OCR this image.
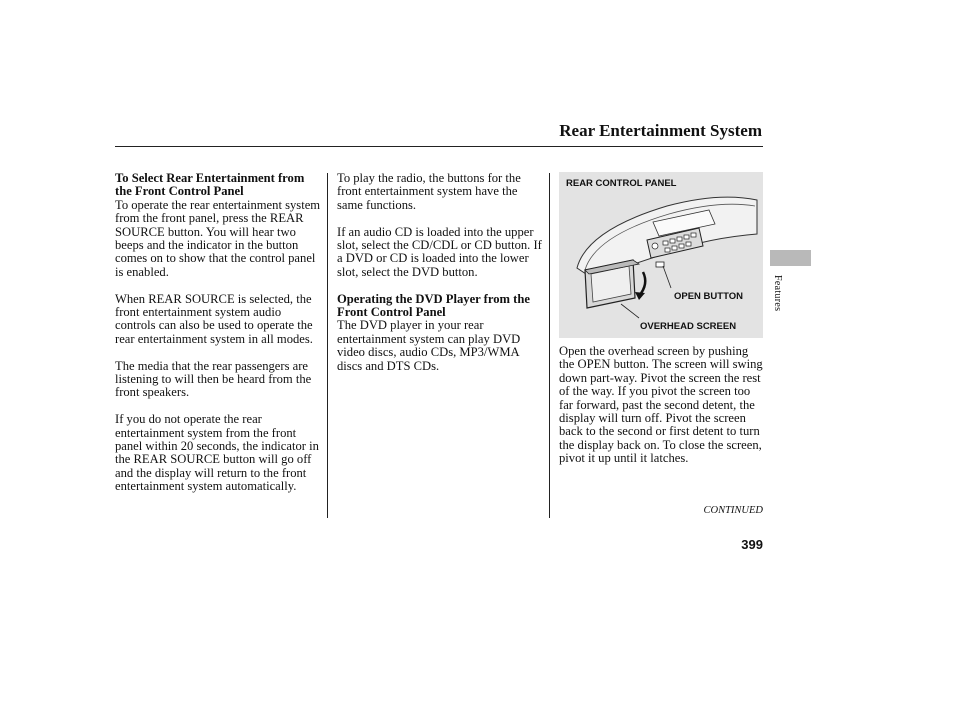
Rear Entertainment System
To Select Rear Entertainment from the Front Control Panel

To operate the rear entertainment system from the front panel, press the REAR SOURCE button. You will hear two beeps and the indicator in the button comes on to show that the control panel is enabled.

When REAR SOURCE is selected, the front entertainment system audio controls can also be used to operate the rear entertainment system in all modes.

The media that the rear passengers are listening to will then be heard from the front speakers.

If you do not operate the rear entertainment system from the front panel within 20 seconds, the indicator in the REAR SOURCE button will go off and the display will return to the front entertainment system automatically.

To play the radio, the buttons for the front entertainment system have the same functions.

If an audio CD is loaded into the upper slot, select the CD/CDL or CD button. If a DVD or CD is loaded into the lower slot, select the DVD button.

Operating the DVD Player from the Front Control Panel

The DVD player in your rear entertainment system can play DVD video discs, audio CDs, MP3/WMA discs and DTS CDs.

REAR CONTROL PANEL
OPEN BUTTON
OVERHEAD SCREEN

Open the overhead screen by pushing the OPEN button. The screen will swing down part-way. Pivot the screen the rest of the way. If you pivot the screen too far forward, past the second detent, the display will turn off. Pivot the screen back to the second or first detent to turn the display back on. To close the screen, pivot it up until it latches.

Features
CONTINUED
399
